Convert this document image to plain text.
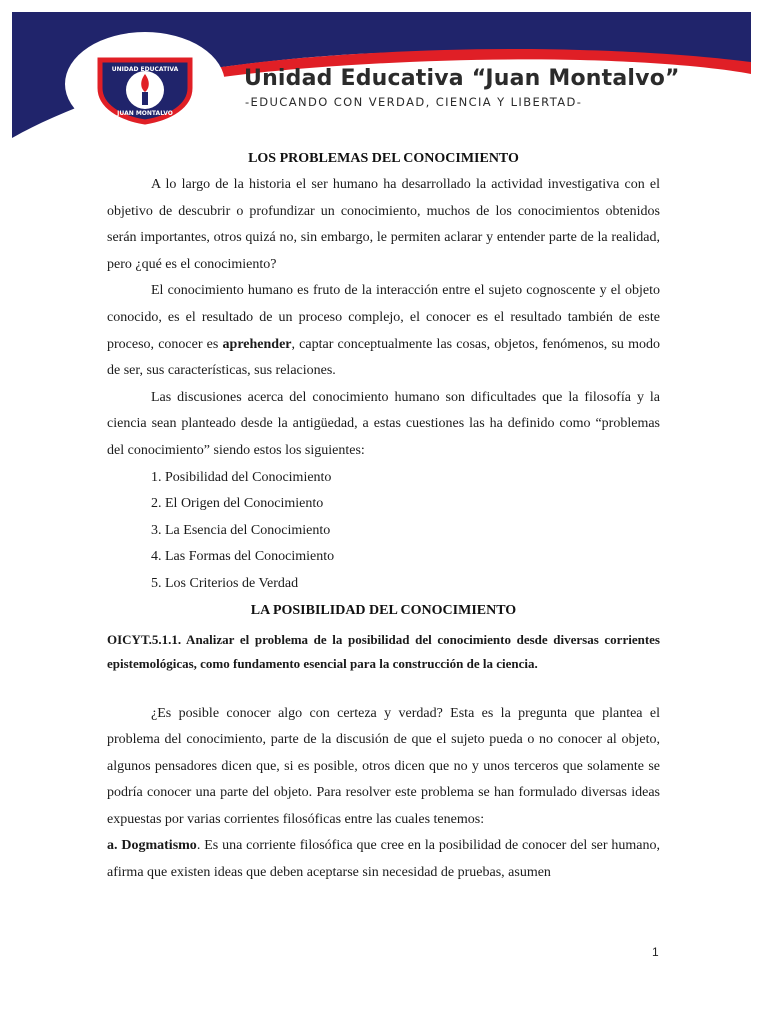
UNIDAD EDUCATIVA
JUAN MONTALVO
Unidad Educativa “Juan Montalvo”
-EDUCANDO CON VERDAD, CIENCIA Y LIBERTAD-
LOS PROBLEMAS DEL CONOCIMIENTO

A lo largo de la historia el ser humano ha desarrollado la actividad investigativa con el objetivo de descubrir o profundizar un conocimiento, muchos de los conocimientos obtenidos serán importantes, otros quizá no, sin embargo, le permiten aclarar y entender parte de la realidad, pero ¿qué es el conocimiento?

El conocimiento humano es fruto de la interacción entre el sujeto cognoscente y el objeto conocido, es el resultado de un proceso complejo, el conocer es el resultado también de este proceso, conocer es aprehender, captar conceptualmente las cosas, objetos, fenómenos, su modo de ser, sus características, sus relaciones.

Las discusiones acerca del conocimiento humano son dificultades que la filosofía y la ciencia sean planteado desde la antigüedad, a estas cuestiones las ha definido como “problemas del conocimiento” siendo estos los siguientes:

1. Posibilidad del Conocimiento
2. El Origen del Conocimiento
3. La Esencia del Conocimiento
4. Las Formas del Conocimiento
5. Los Criterios de Verdad
LA POSIBILIDAD DEL CONOCIMIENTO

OICYT.5.1.1. Analizar el problema de la posibilidad del conocimiento desde diversas corrientes epistemológicas, como fundamento esencial para la construcción de la ciencia.

¿Es posible conocer algo con certeza y verdad? Esta es la pregunta que plantea el problema del conocimiento, parte de la discusión de que el sujeto pueda o no conocer al objeto, algunos pensadores dicen que, si es posible, otros dicen que no y unos terceros que solamente se podría conocer una parte del objeto. Para resolver este problema se han formulado diversas ideas expuestas por varias corrientes filosóficas entre las cuales tenemos:

a. Dogmatismo. Es una corriente filosófica que cree en la posibilidad de conocer del ser humano, afirma que existen ideas que deben aceptarse sin necesidad de pruebas, asumen

1
